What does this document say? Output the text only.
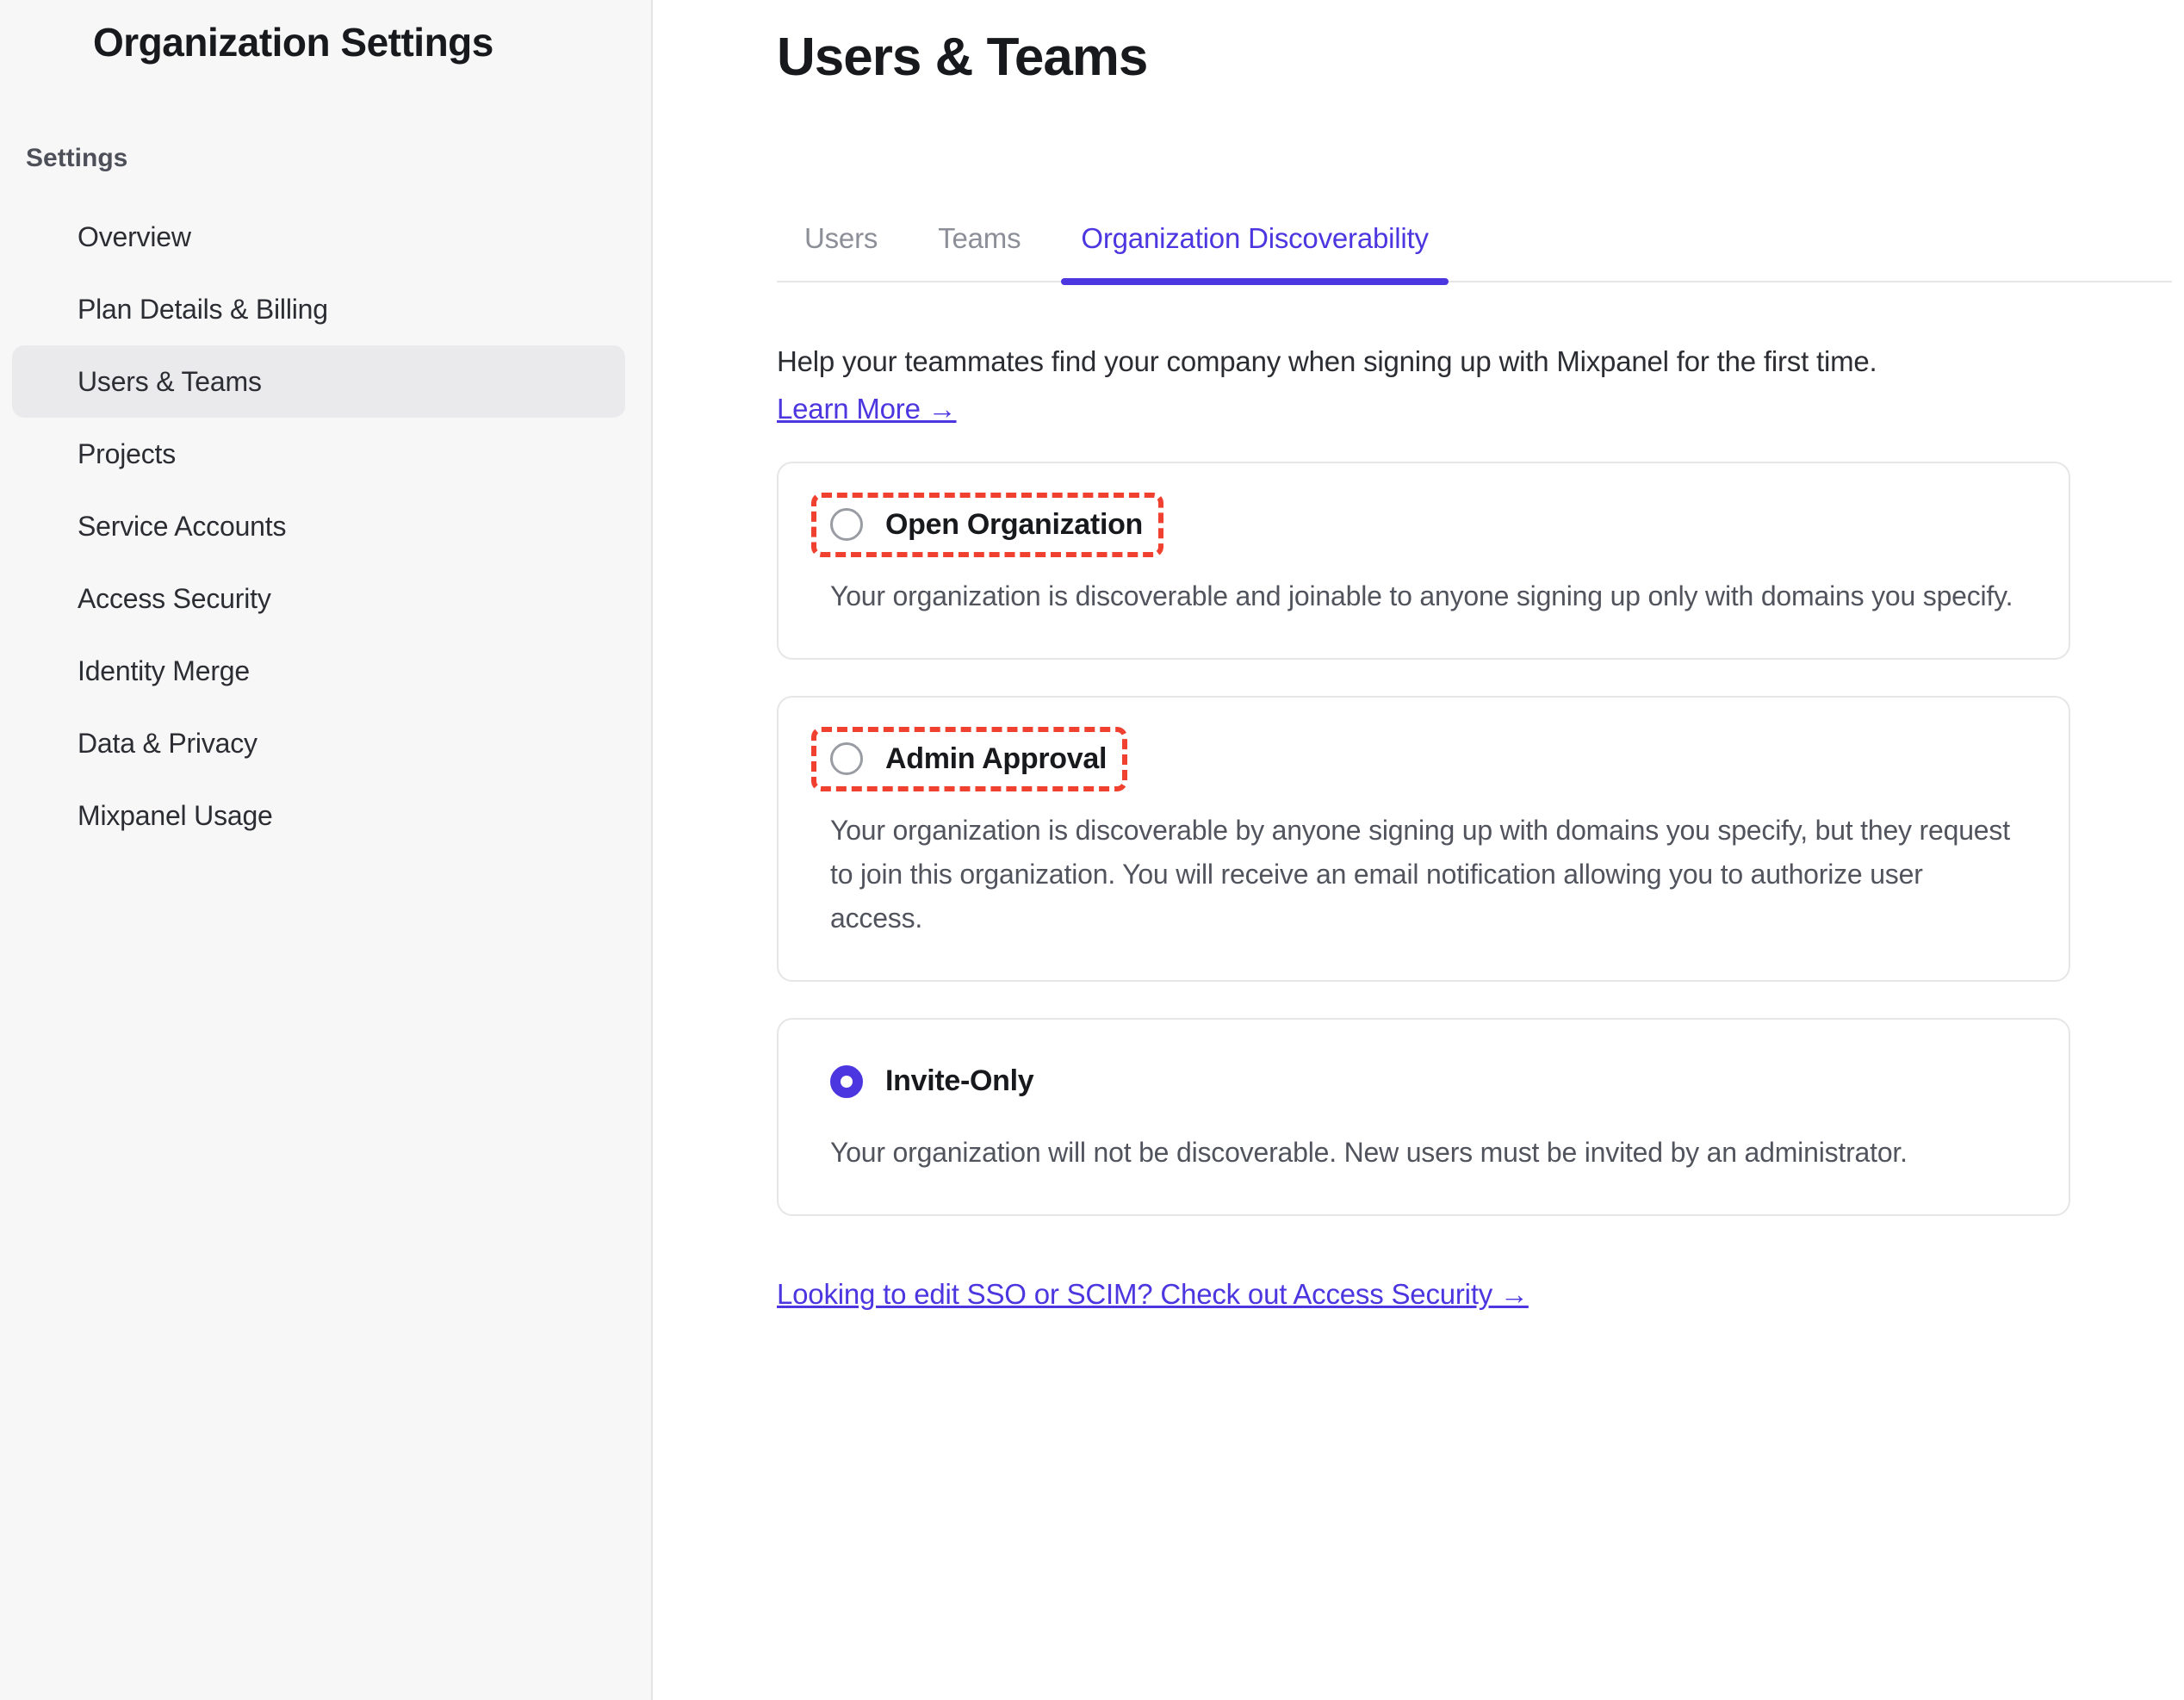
Organization Settings
Settings
Overview
Plan Details & Billing
Users & Teams
Projects
Service Accounts
Access Security
Identity Merge
Data & Privacy
Mixpanel Usage
Users & Teams
Users	Teams	Organization Discoverability
Help your teammates find your company when signing up with Mixpanel for the first time.
Learn More →
Open Organization
Your organization is discoverable and joinable to anyone signing up only with domains you specify.
Admin Approval
Your organization is discoverable by anyone signing up with domains you specify, but they request to join this organization. You will receive an email notification allowing you to authorize user access.
Invite-Only
Your organization will not be discoverable. New users must be invited by an administrator.
Looking to edit SSO or SCIM? Check out Access Security →
